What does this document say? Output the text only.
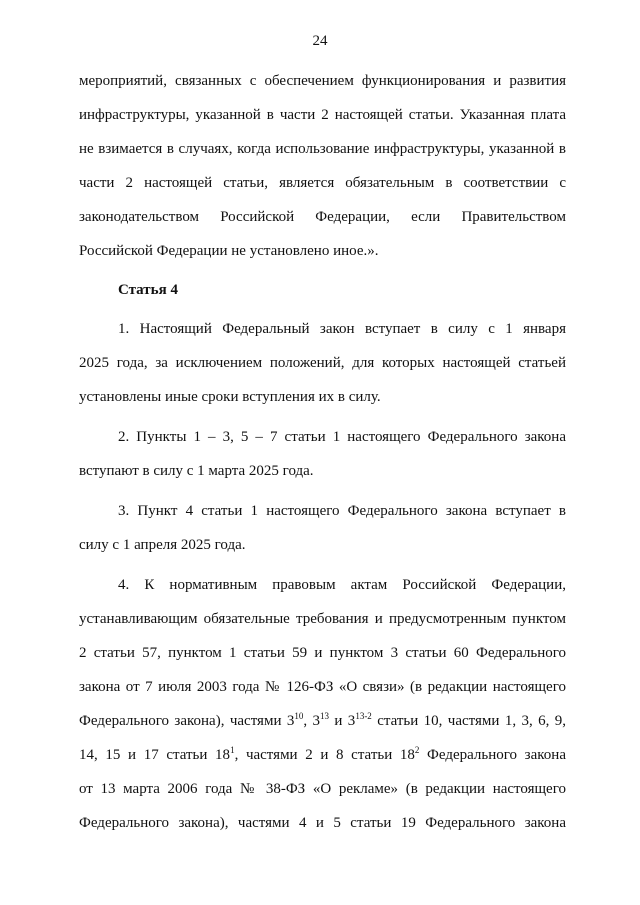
24
мероприятий, связанных с обеспечением функционирования и развития
инфраструктуры, указанной в части 2 настоящей статьи. Указанная плата
не взимается в случаях, когда использование инфраструктуры, указанной в
части 2 настоящей статьи, является обязательным в соответствии с
законодательством Российской Федерации, если Правительством
Российской Федерации не установлено иное.».
Статья 4
1. Настоящий Федеральный закон вступает в силу с 1 января
2025 года, за исключением положений, для которых настоящей статьей
установлены иные сроки вступления их в силу.
2. Пункты 1 – 3, 5 – 7 статьи 1 настоящего Федерального закона
вступают в силу с 1 марта 2025 года.
3. Пункт 4 статьи 1 настоящего Федерального закона вступает в
силу с 1 апреля 2025 года.
4. К нормативным правовым актам Российской Федерации,
устанавливающим обязательные требования и предусмотренным пунктом
2 статьи 57, пунктом 1 статьи 59 и пунктом 3 статьи 60 Федерального
закона от 7 июля 2003 года № 126-ФЗ «О связи» (в редакции настоящего
Федерального закона), частями $3^{10}$, $3^{13}$ и 3$^{13-2}$ статьи 10, частями 1, 3, 6, 9,
14, 15 и 17 статьи $18^1$, частями 2 и 8 статьи $18^2$ Федерального закона
от 13 марта 2006 года № 38-ФЗ «О рекламе» (в редакции настоящего
Федерального закона), частями 4 и 5 статьи 19 Федерального закона
